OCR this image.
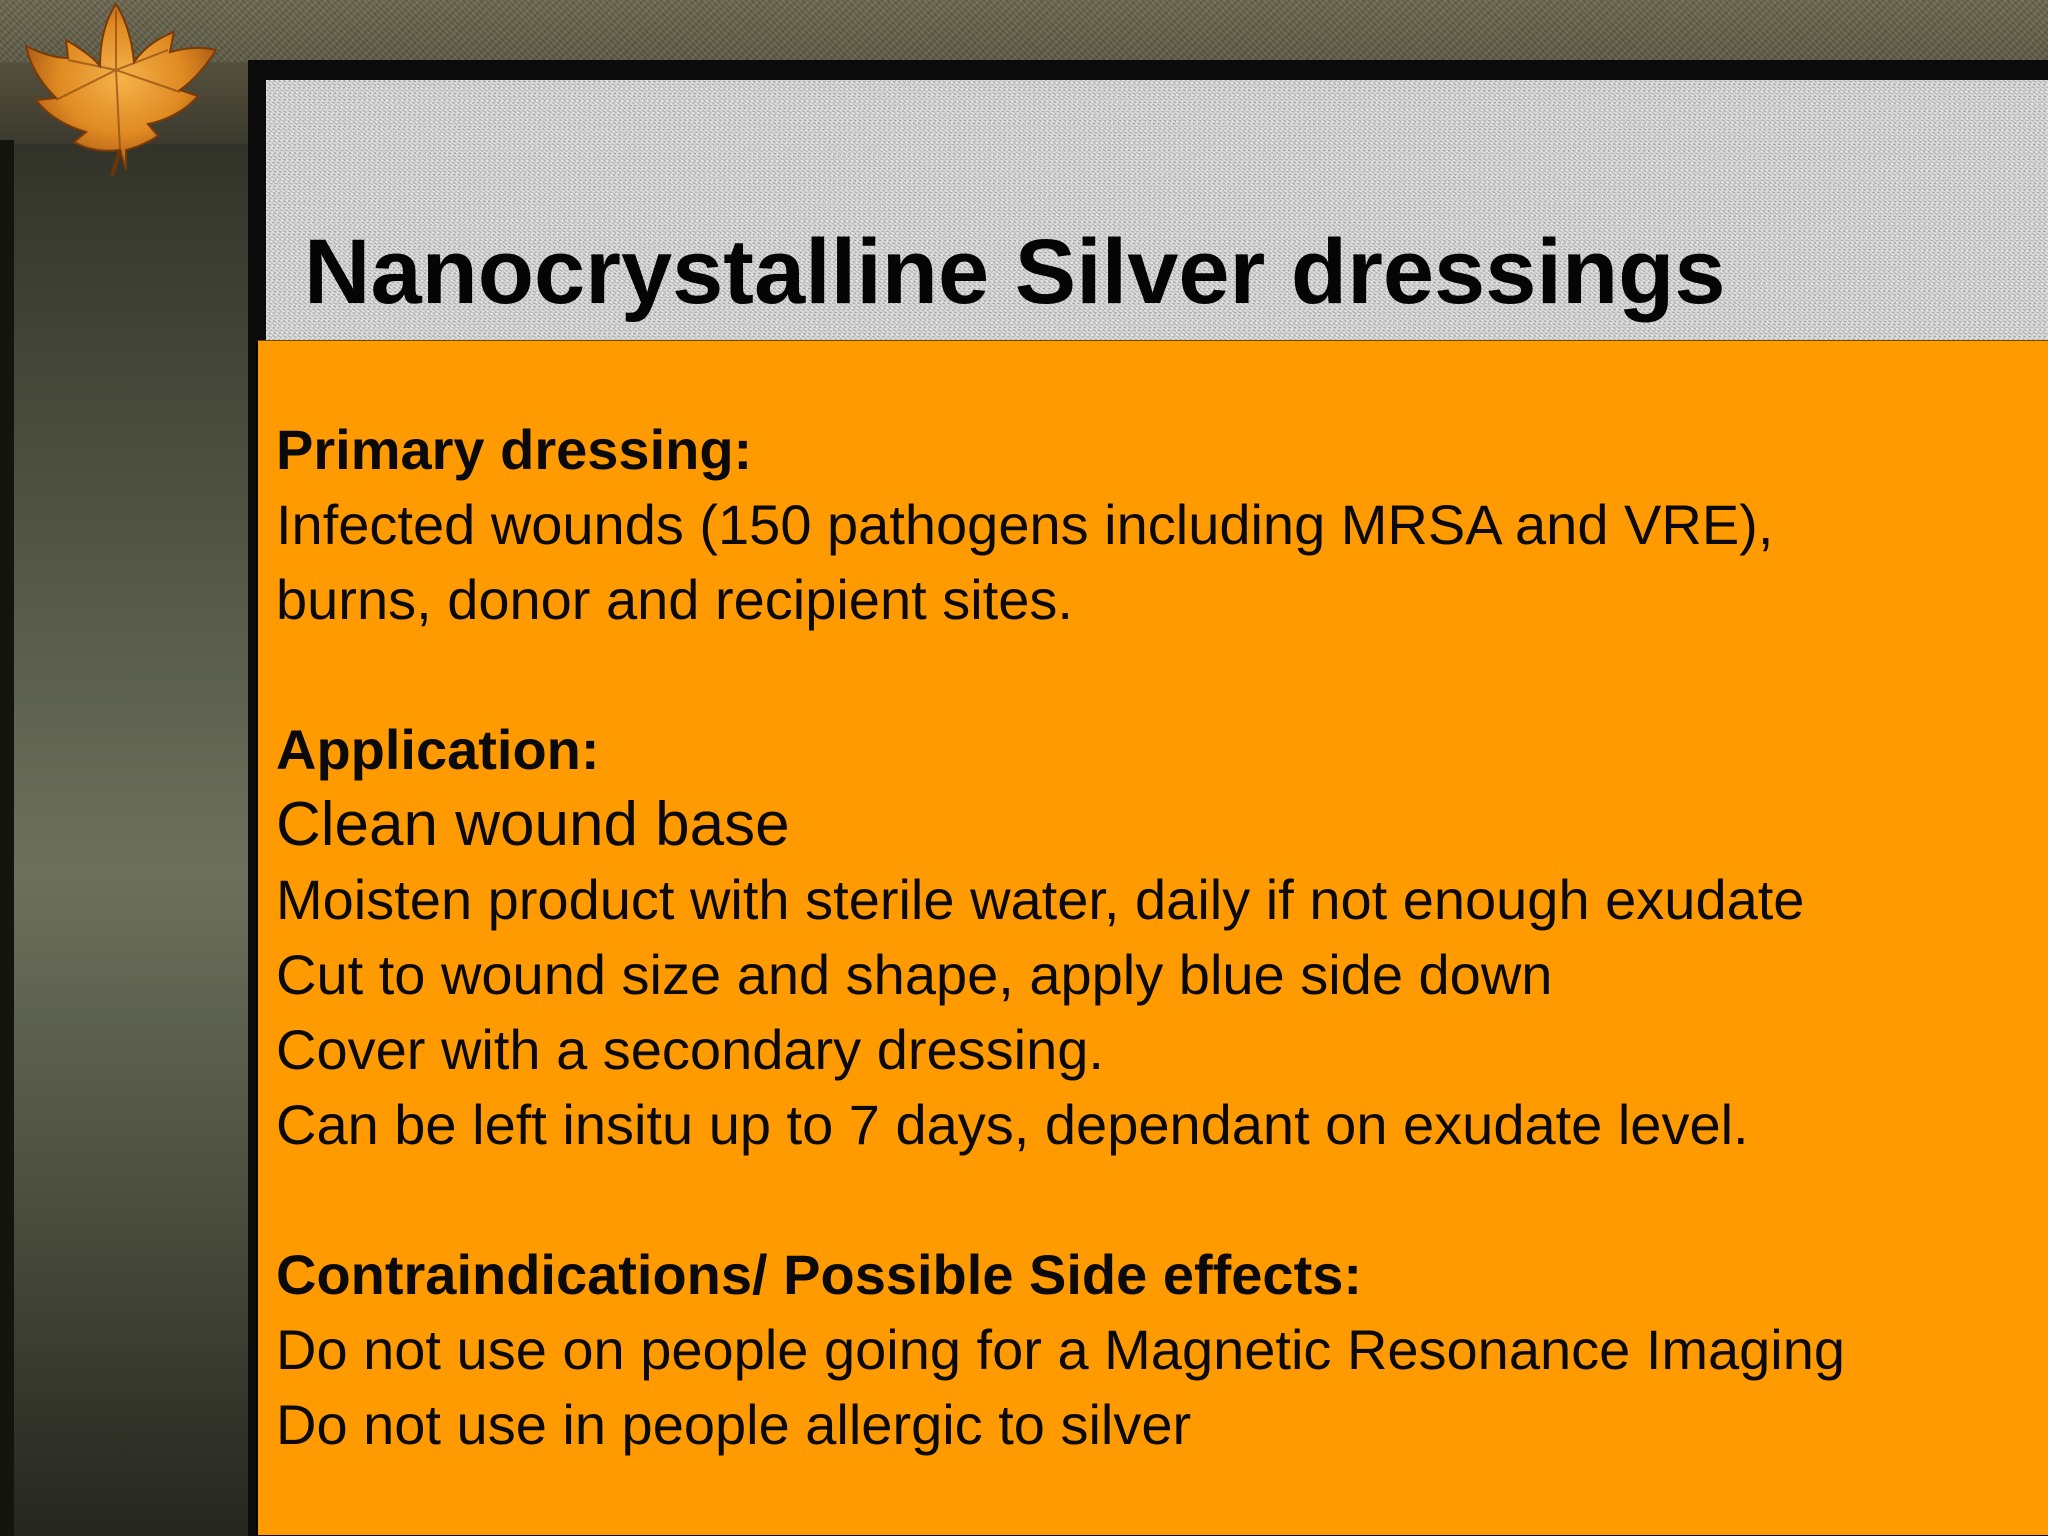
Nanocrystalline Silver dressings
Primary dressing:
Infected wounds (150 pathogens including MRSA and VRE),
burns, donor and recipient sites.
Application:
Clean wound base
Moisten product with sterile water, daily if not enough exudate
Cut to wound size and shape, apply blue side down
Cover with a secondary dressing.
Can be left insitu up to 7 days, dependant on exudate level.
Contraindications/ Possible Side effects:
Do not use on people going for a Magnetic Resonance Imaging
Do not use in people allergic to silver
